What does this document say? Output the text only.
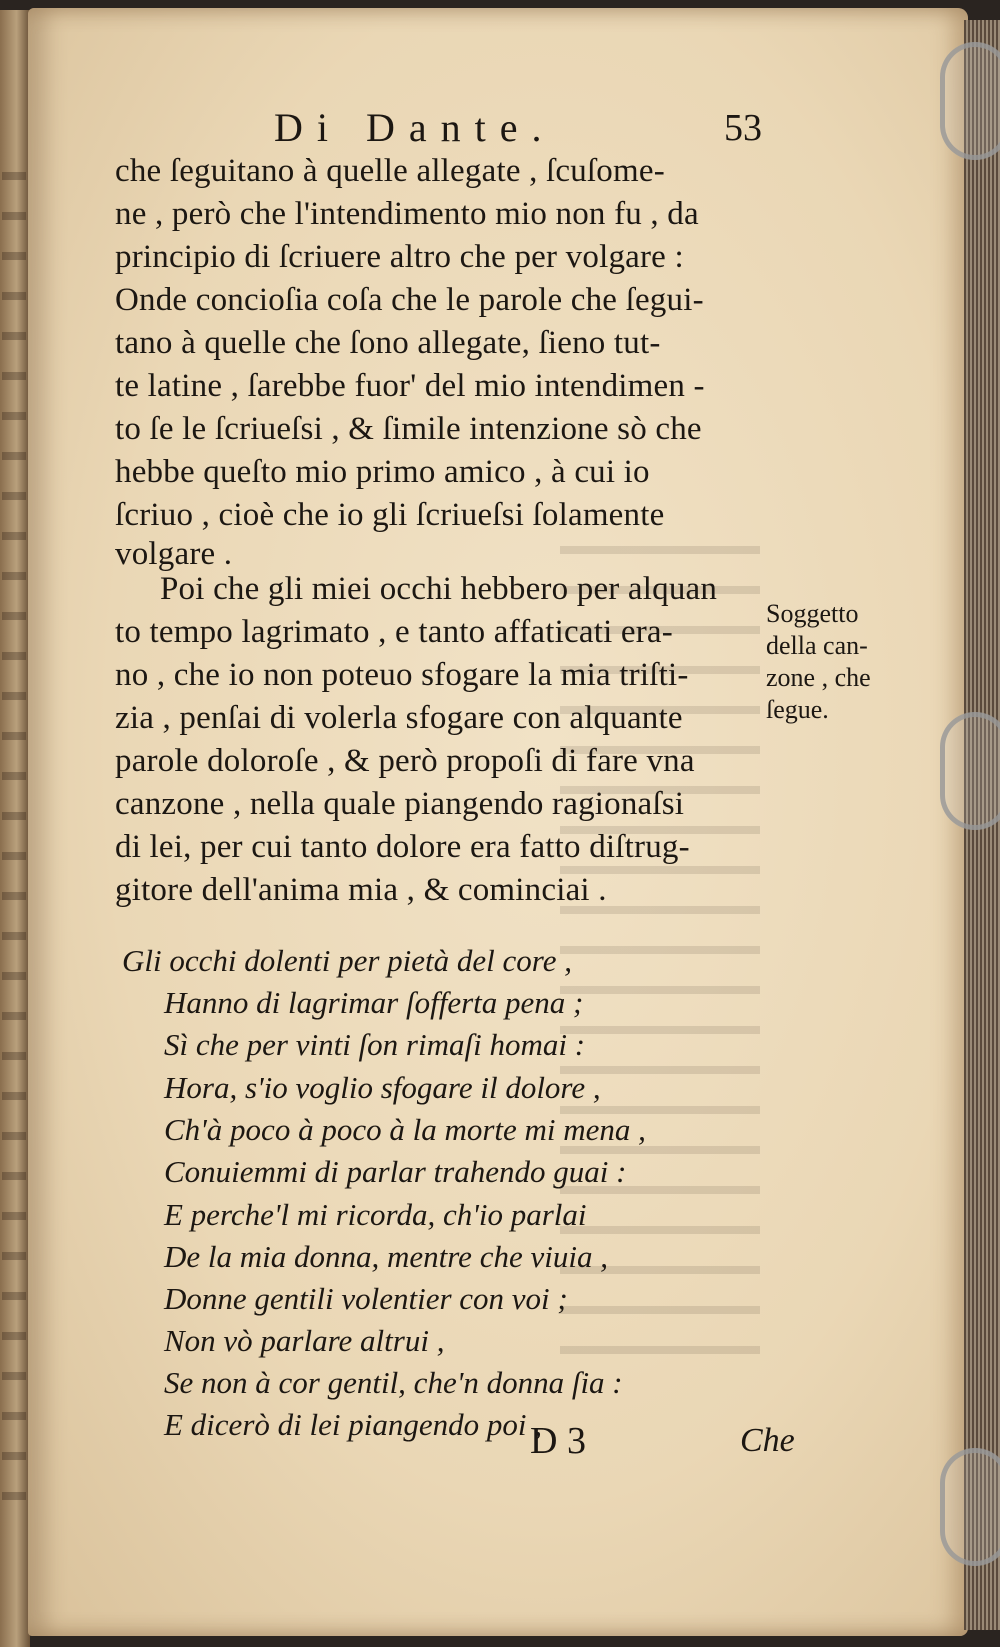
Di Dante.	53
che ſeguitano à quelle allegate , ſcuſome-
ne , però che l'intendimento mio non fu , da
principio di ſcriuere altro che per volgare :
Onde concioſia coſa che le parole che ſegui-
tano à quelle che ſono allegate, ſieno tut-
te latine , ſarebbe fuor' del mio intendimen -
to ſe le ſcriueſsi , & ſimile intenzione sò che
hebbe queſto mio primo amico , à cui io
ſcriuo , cioè che io gli ſcriueſsi ſolamente
volgare .
Poi che gli miei occhi hebbero per alquan
to tempo lagrimato , e tanto affaticati era-
no , che io non poteuo sfogare la mia triſti-
zia , penſai di volerla sfogare con alquante
parole doloroſe , & però propoſi di fare vna
canzone , nella quale piangendo ragionaſsi
di lei, per cui tanto dolore era fatto diſtrug-
gitore dell'anima mia , & cominciai .
Soggetto
della can-
zone , che
ſegue.
Gli occhi dolenti per pietà del core ,
Hanno di lagrimar ſofferta pena ;
Sì che per vinti ſon rimaſi homai :
Hora, s'io voglio sfogare il dolore ,
Ch'à poco à poco à la morte mi mena ,
Conuiemmi di parlar trahendo guai :
E perche'l mi ricorda, ch'io parlai
De la mia donna, mentre che viuia ,
Donne gentili volentier con voi ;
Non vò parlare altrui ,
Se non à cor gentil, che'n donna ſia :
E dicerò di lei piangendo poi ,
D 3	Che
